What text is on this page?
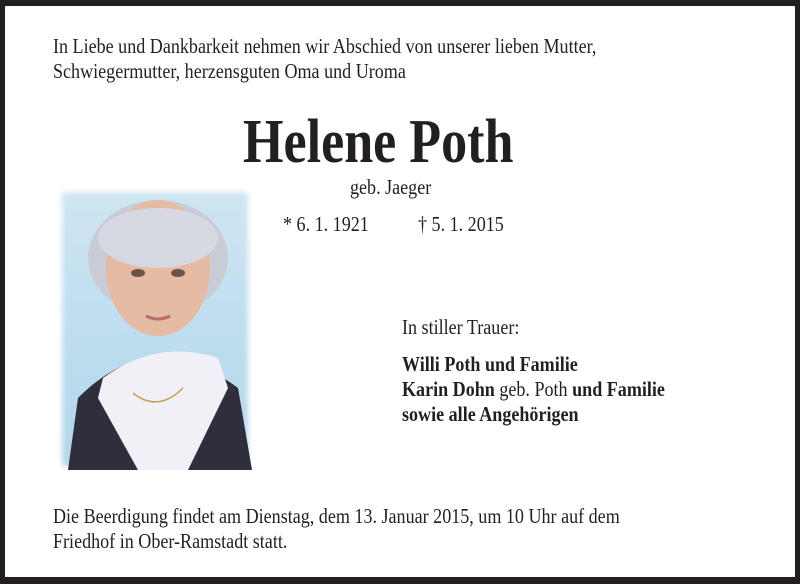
In Liebe und Dankbarkeit nehmen wir Abschied von unserer lieben Mutter,
Schwiegermutter, herzensguten Oma und Uroma
Helene Poth
geb. Jaeger
* 6. 1. 1921 † 5. 1. 2015
In stiller Trauer:
Willi Poth und Familie
Karin Dohn geb. Poth und Familie
sowie alle Angehörigen
Die Beerdigung findet am Dienstag, dem 13. Januar 2015, um 10 Uhr auf dem
Friedhof in Ober-Ramstadt statt.
